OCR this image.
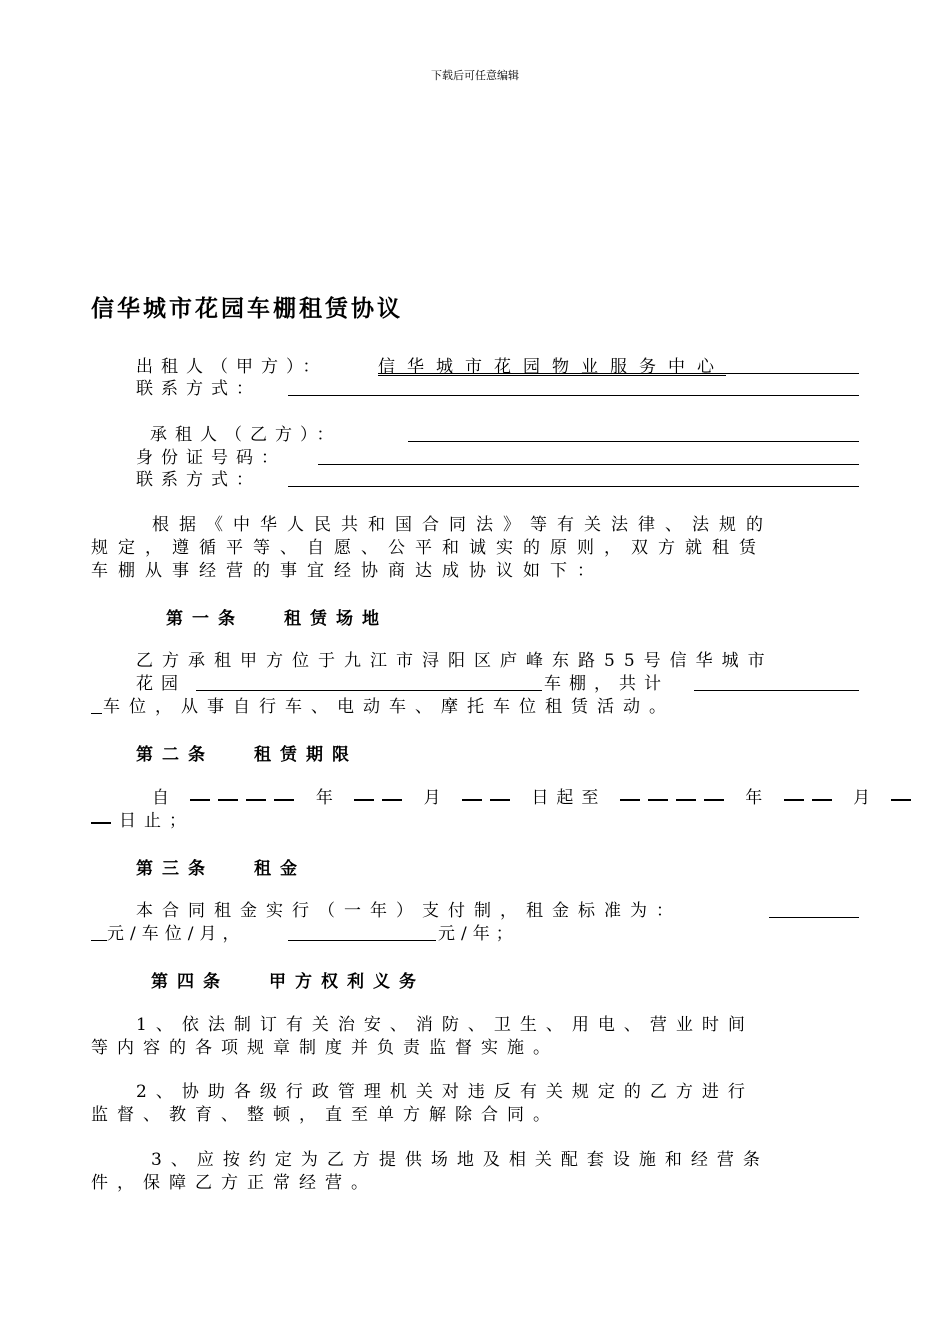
下载后可任意编辑
信华城市花园车棚租赁协议
出租人（甲方）：	信华城市花园物业服务中心
联系方式：
承租人（乙方）：
身份证号码：
联系方式：
根据《中华人民共和国合同法》等有关法律、法规的
规定，遵循平等、自愿、公平和诚实的原则，双方就租赁
车棚从事经营的事宜经协商达成协议如下：
第一条 租赁场地
乙方承租甲方位于九江市浔阳区庐峰东路55号信华城市
花园	车棚，共计
车位，从事自行车、电动车、摩托车位租赁活动。
第二条 租赁期限
自	年	月	日起至	年	月
日止；
第三条 租金
本合同租金实行（一年）支付制，租金标准为：
元/车位/月，	元/年；
第四条 甲方权利义务
1、依法制订有关治安、消防、卫生、用电、营业时间
等内容的各项规章制度并负责监督实施。
2、协助各级行政管理机关对违反有关规定的乙方进行
监督、教育、整顿，直至单方解除合同。
3、应按约定为乙方提供场地及相关配套设施和经营条
件，保障乙方正常经营。
